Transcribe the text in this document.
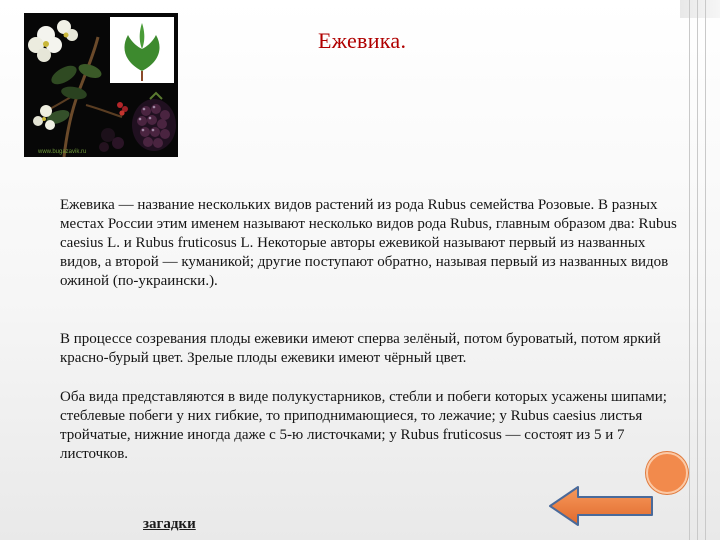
www.bugazavik.ru
Ежевика.

Ежевика — название нескольких видов растений из рода Rubus семейства Розовые. В разных местах России этим именем называют несколько видов рода Rubus, главным образом два: Rubus caesius L. и Rubus fruticosus L. Некоторые авторы ежевикой называют первый из названных видов, а второй — куманикой; другие поступают обратно, называя первый из названных видов ожиной (по-украински.).

В процессе созревания плоды ежевики имеют сперва зелёный, потом буроватый, потом яркий красно-бурый цвет. Зрелые плоды ежевики имеют чёрный цвет.

Оба вида представляются в виде полукустарников, стебли и побеги которых усажены шипами; стеблевые побеги у них гибкие, то приподнимающиеся, то лежачие; у Rubus caesius листья тройчатые, нижние иногда даже с 5-ю листочками; у Rubus fruticosus — состоят из 5 и 7 листочков.

загадки
